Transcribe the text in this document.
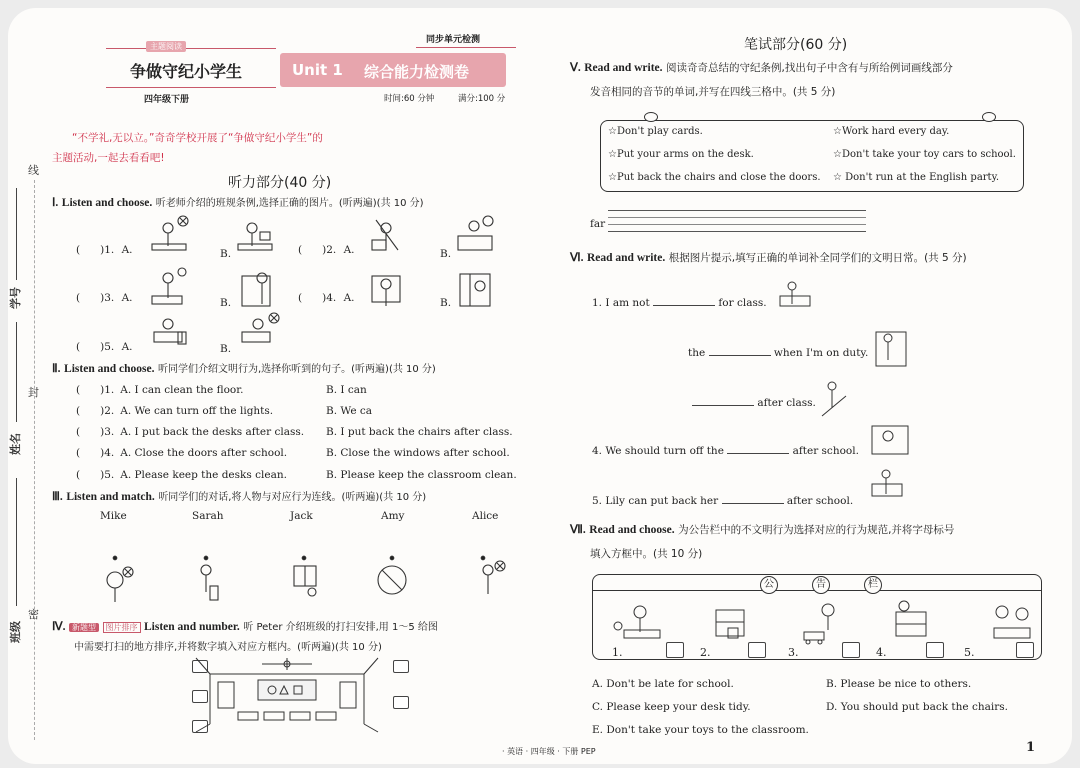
线
封
密
学号
姓名
班级
主题阅读
争做守纪小学生
四年级下册
Unit 1 综合能力检测卷
同步单元检测
时间:60 分钟	满分:100 分
“不学礼,无以立。”奇奇学校开展了“争做守纪小学生”的
主题活动,一起去看看吧!
听力部分(40 分)
Ⅰ. Listen and choose. 听老师介绍的班规条例,选择正确的图片。(听两遍)(共 10 分)
( )1. A.	B.	( )2. A.	B.
( )3. A.	B.	( )4. A.	B.
( )5. A.	B.
Ⅱ. Listen and choose. 听同学们介绍文明行为,选择你听到的句子。(听两遍)(共 10 分)
( )1. A. I can clean the floor.	B. I can
( )2. A. We can turn off the lights.	B. We ca
( )3. A. I put back the desks after class. B. I put back the chairs after class.
( )4. A. Close the doors after school.	B. Close the windows after school.
( )5. A. Please keep the desks clean.	B. Please keep the classroom clean.
Ⅲ. Listen and match. 听同学们的对话,将人物与对应行为连线。(听两遍)(共 10 分)
Mike	Sarah	Jack	Amy	Alice
Ⅳ. 新题型 图片排序 Listen and number. 听 Peter 介绍班级的打扫安排,用 1～5 给图
中需要打扫的地方排序,并将数字填入对应方框内。(听两遍)(共 10 分)
笔试部分(60 分)
Ⅴ. Read and write. 阅读奇奇总结的守纪条例,找出句子中含有与所给例词画线部分
发音相同的音节的单词,并写在四线三格中。(共 5 分)
☆Don't play cards.
☆Put your arms on the desk.
☆Put back the chairs and close the doors.
☆Work hard every day.
☆Don't take your toy cars to school.
☆ Don't run at the English party.
far
Ⅵ. Read and write. 根据图片提示,填写正确的单词补全同学们的文明日常。(共 5 分)
1. I am not	for class.
the	when I'm on duty.
after class.
4. We should turn off the	after school.
5. Lily can put back her	after school.
Ⅶ. Read and choose. 为公告栏中的不文明行为选择对应的行为规范,并将字母标号
填入方框中。(共 10 分)
公	告	栏
1.	2.	3.	4.	5.
A. Don't be late for school.	B. Please be nice to others.
C. Please keep your desk tidy.	D. You should put back the chairs.
E. Don't take your toys to the classroom.
· 英语 · 四年级 · 下册 PEP	1
